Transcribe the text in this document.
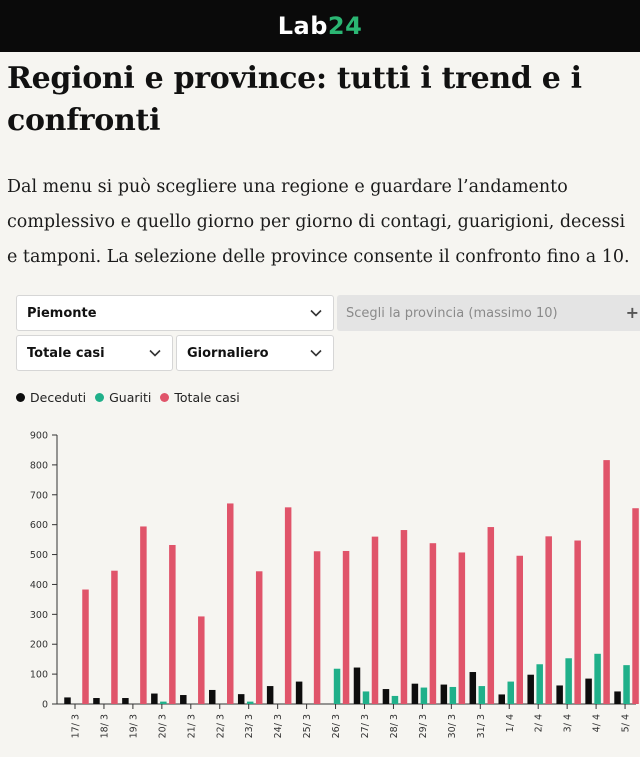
Lab24
Regioni e province: tutti i trend e i confronti

Dal menu si può scegliere una regione e guardare l’andamento complessivo e quello giorno per giorno di contagi, guarigioni, decessi e tamponi. La selezione delle province consente il confronto fino a 10.

Piemonte	Scegli la provincia (massimo 10)	+
Totale casi	Giornaliero
Deceduti Guariti Totale casi
0
100
200
300
400
500
600
700
800
900
17/ 3 18/ 3 19/ 3 20/ 3 21/ 3 22/ 3 23/ 3 24/ 3 25/ 3 26/ 3 27/ 3 28/ 3 29/ 3 30/ 3 31/ 3 1/ 4 2/ 4 3/ 4 4/ 4 5/ 4
